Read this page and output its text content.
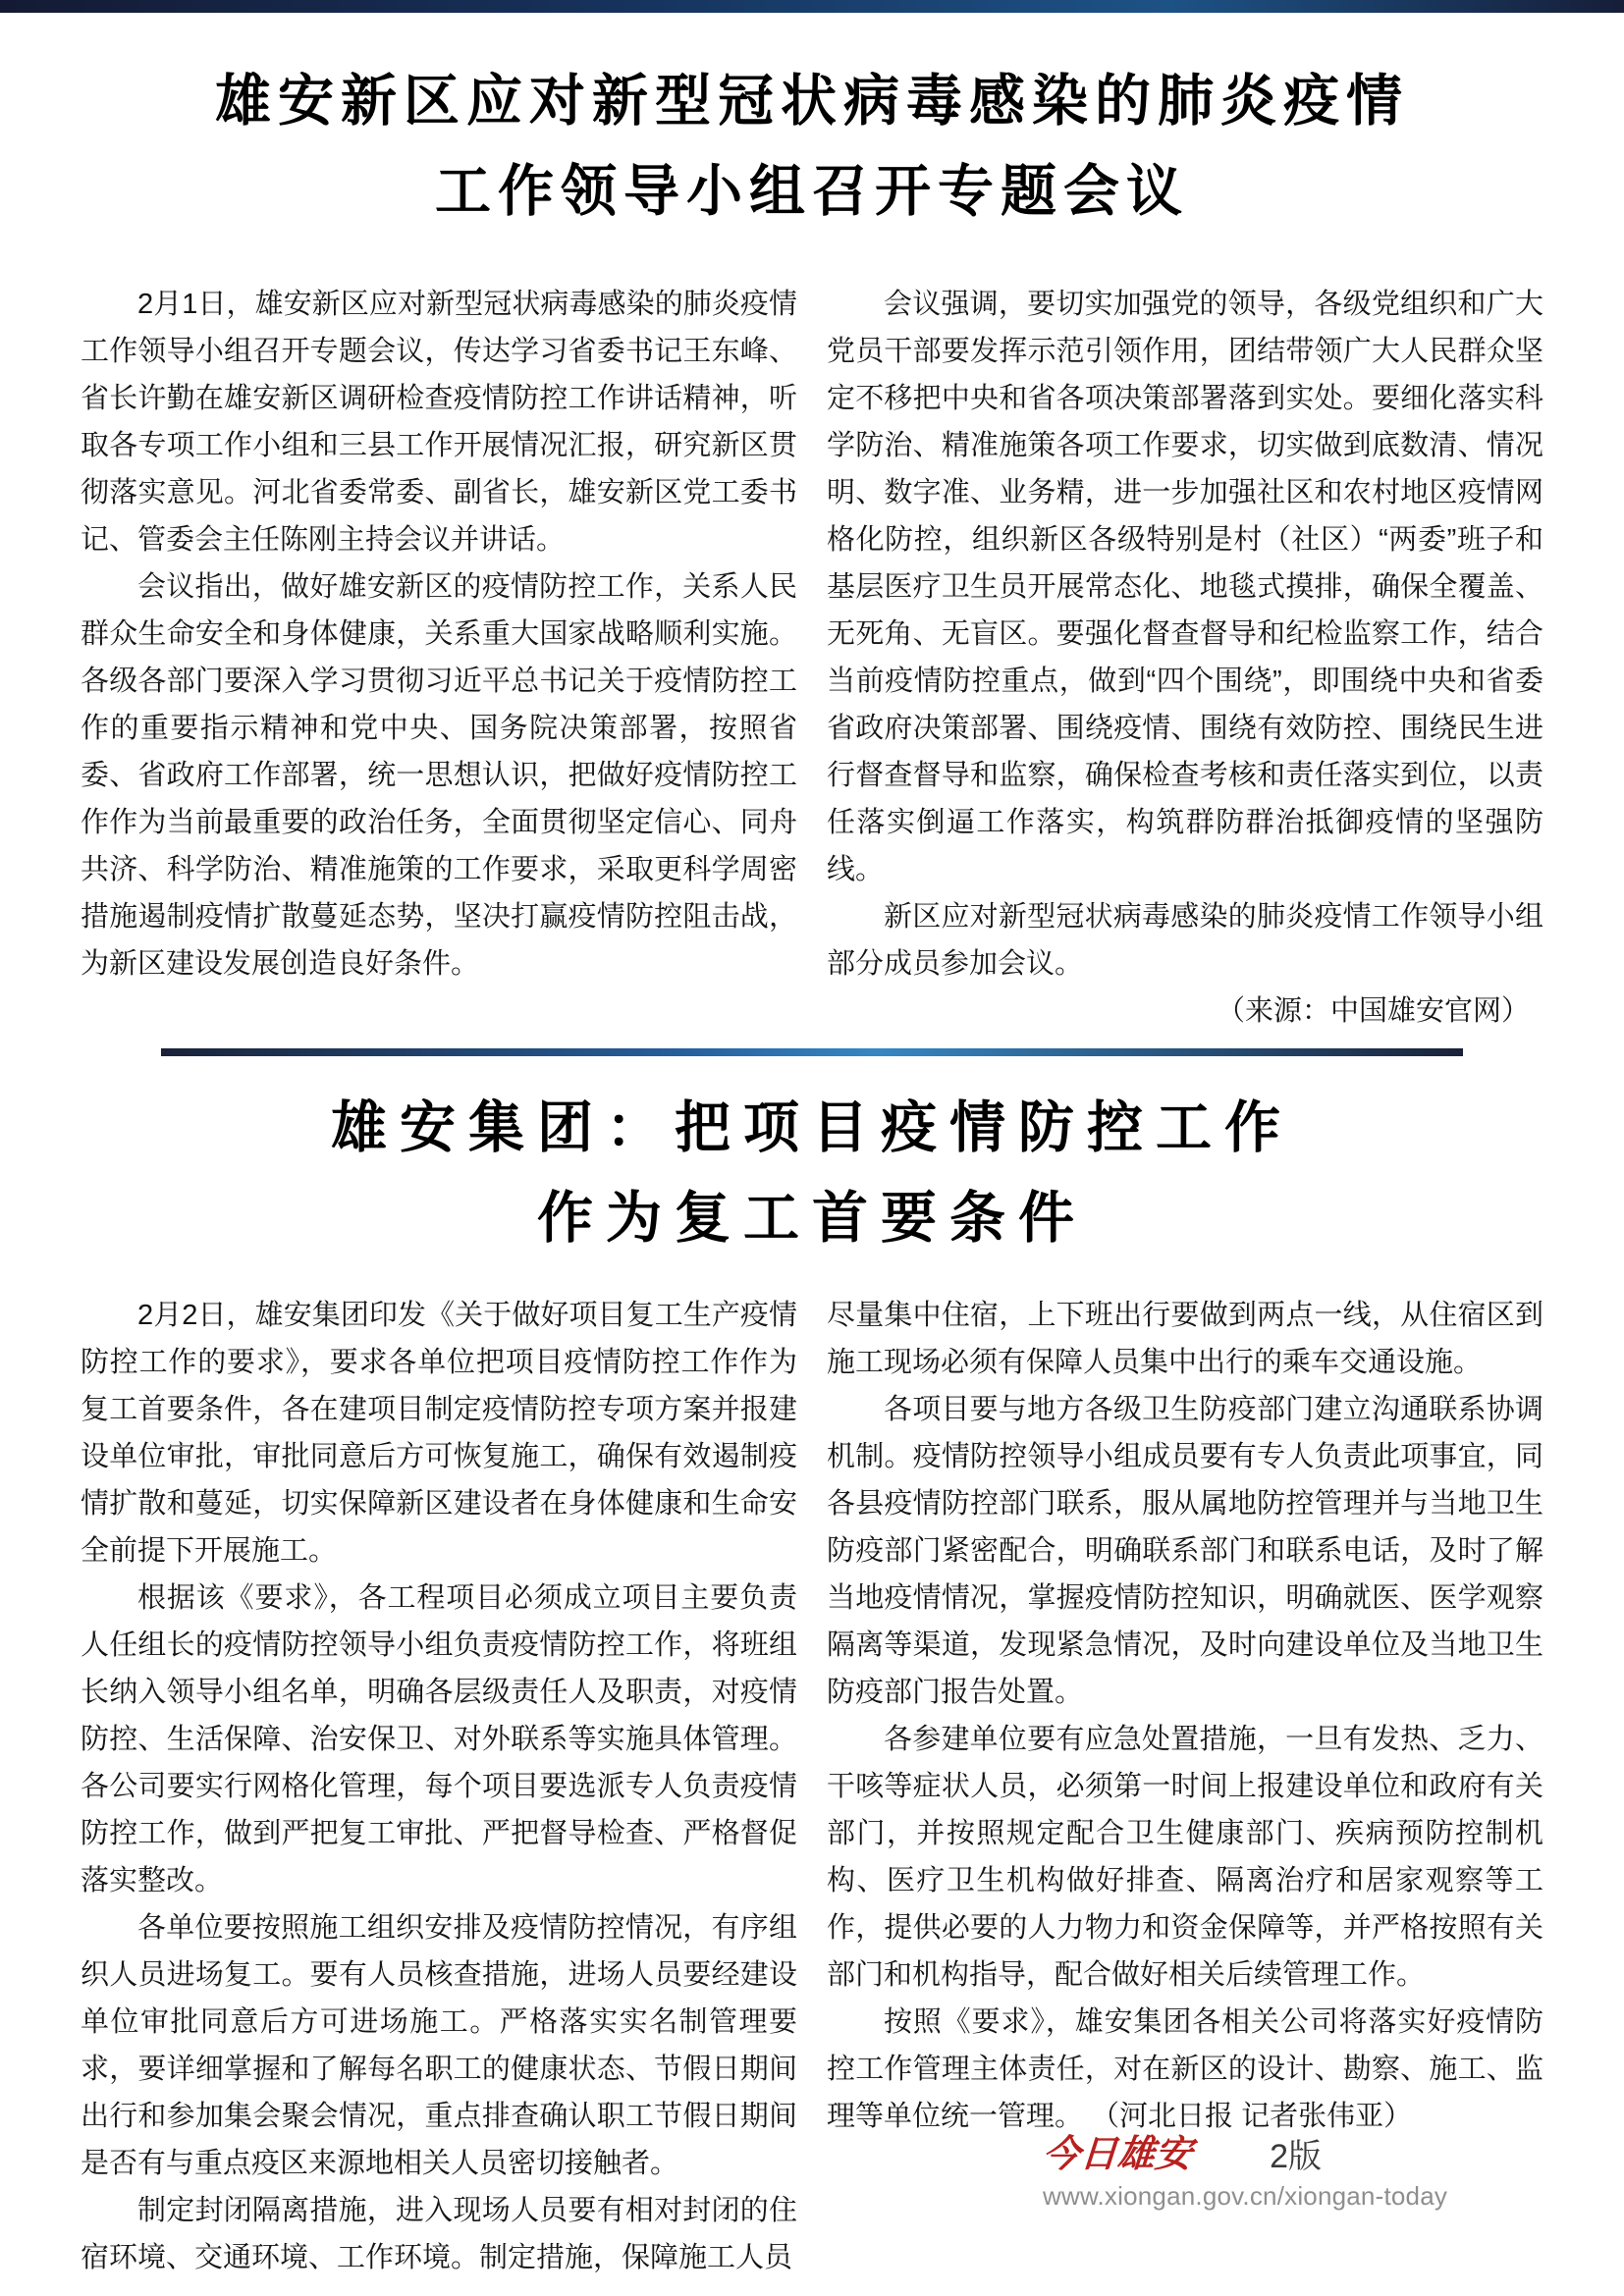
雄安新区应对新型冠状病毒感染的肺炎疫情
工作领导小组召开专题会议

2月1日，雄安新区应对新型冠状病毒感染的肺炎疫情工作领导小组召开专题会议，传达学习省委书记王东峰、省长许勤在雄安新区调研检查疫情防控工作讲话精神，听取各专项工作小组和三县工作开展情况汇报，研究新区贯彻落实意见。河北省委常委、副省长，雄安新区党工委书记、管委会主任陈刚主持会议并讲话。

会议指出，做好雄安新区的疫情防控工作，关系人民群众生命安全和身体健康，关系重大国家战略顺利实施。各级各部门要深入学习贯彻习近平总书记关于疫情防控工作的重要指示精神和党中央、国务院决策部署，按照省委、省政府工作部署，统一思想认识，把做好疫情防控工作作为当前最重要的政治任务，全面贯彻坚定信心、同舟共济、科学防治、精准施策的工作要求，采取更科学周密措施遏制疫情扩散蔓延态势，坚决打赢疫情防控阻击战，为新区建设发展创造良好条件。

会议强调，要切实加强党的领导，各级党组织和广大党员干部要发挥示范引领作用，团结带领广大人民群众坚定不移把中央和省各项决策部署落到实处。要细化落实科学防治、精准施策各项工作要求，切实做到底数清、情况明、数字准、业务精，进一步加强社区和农村地区疫情网格化防控，组织新区各级特别是村（社区）“两委”班子和基层医疗卫生员开展常态化、地毯式摸排，确保全覆盖、无死角、无盲区。要强化督查督导和纪检监察工作，结合当前疫情防控重点，做到“四个围绕”，即围绕中央和省委省政府决策部署、围绕疫情、围绕有效防控、围绕民生进行督查督导和监察，确保检查考核和责任落实到位，以责任落实倒逼工作落实，构筑群防群治抵御疫情的坚强防线。

新区应对新型冠状病毒感染的肺炎疫情工作领导小组部分成员参加会议。

（来源：中国雄安官网）

雄安集团：把项目疫情防控工作
作为复工首要条件

2月2日，雄安集团印发《关于做好项目复工生产疫情防控工作的要求》，要求各单位把项目疫情防控工作作为复工首要条件，各在建项目制定疫情防控专项方案并报建设单位审批，审批同意后方可恢复施工，确保有效遏制疫情扩散和蔓延，切实保障新区建设者在身体健康和生命安全前提下开展施工。

根据该《要求》，各工程项目必须成立项目主要负责人任组长的疫情防控领导小组负责疫情防控工作，将班组长纳入领导小组名单，明确各层级责任人及职责，对疫情防控、生活保障、治安保卫、对外联系等实施具体管理。各公司要实行网格化管理，每个项目要选派专人负责疫情防控工作，做到严把复工审批、严把督导检查、严格督促落实整改。

各单位要按照施工组织安排及疫情防控情况，有序组织人员进场复工。要有人员核查措施，进场人员要经建设单位审批同意后方可进场施工。严格落实实名制管理要求，要详细掌握和了解每名职工的健康状态、节假日期间出行和参加集会聚会情况，重点排查确认职工节假日期间是否有与重点疫区来源地相关人员密切接触者。

制定封闭隔离措施，进入现场人员要有相对封闭的住宿环境、交通环境、工作环境。制定措施，保障施工人员

尽量集中住宿，上下班出行要做到两点一线，从住宿区到施工现场必须有保障人员集中出行的乘车交通设施。

各项目要与地方各级卫生防疫部门建立沟通联系协调机制。疫情防控领导小组成员要有专人负责此项事宜，同各县疫情防控部门联系，服从属地防控管理并与当地卫生防疫部门紧密配合，明确联系部门和联系电话，及时了解当地疫情情况，掌握疫情防控知识，明确就医、医学观察隔离等渠道，发现紧急情况，及时向建设单位及当地卫生防疫部门报告处置。

各参建单位要有应急处置措施，一旦有发热、乏力、干咳等症状人员，必须第一时间上报建设单位和政府有关部门，并按照规定配合卫生健康部门、疾病预防控制机构、医疗卫生机构做好排查、隔离治疗和居家观察等工作，提供必要的人力物力和资金保障等，并严格按照有关部门和机构指导，配合做好相关后续管理工作。

按照《要求》，雄安集团各相关公司将落实好疫情防控工作管理主体责任，对在新区的设计、勘察、施工、监理等单位统一管理。 （河北日报 记者张伟亚）

今日雄安 2版
www.xiongan.gov.cn/xiongan-today
